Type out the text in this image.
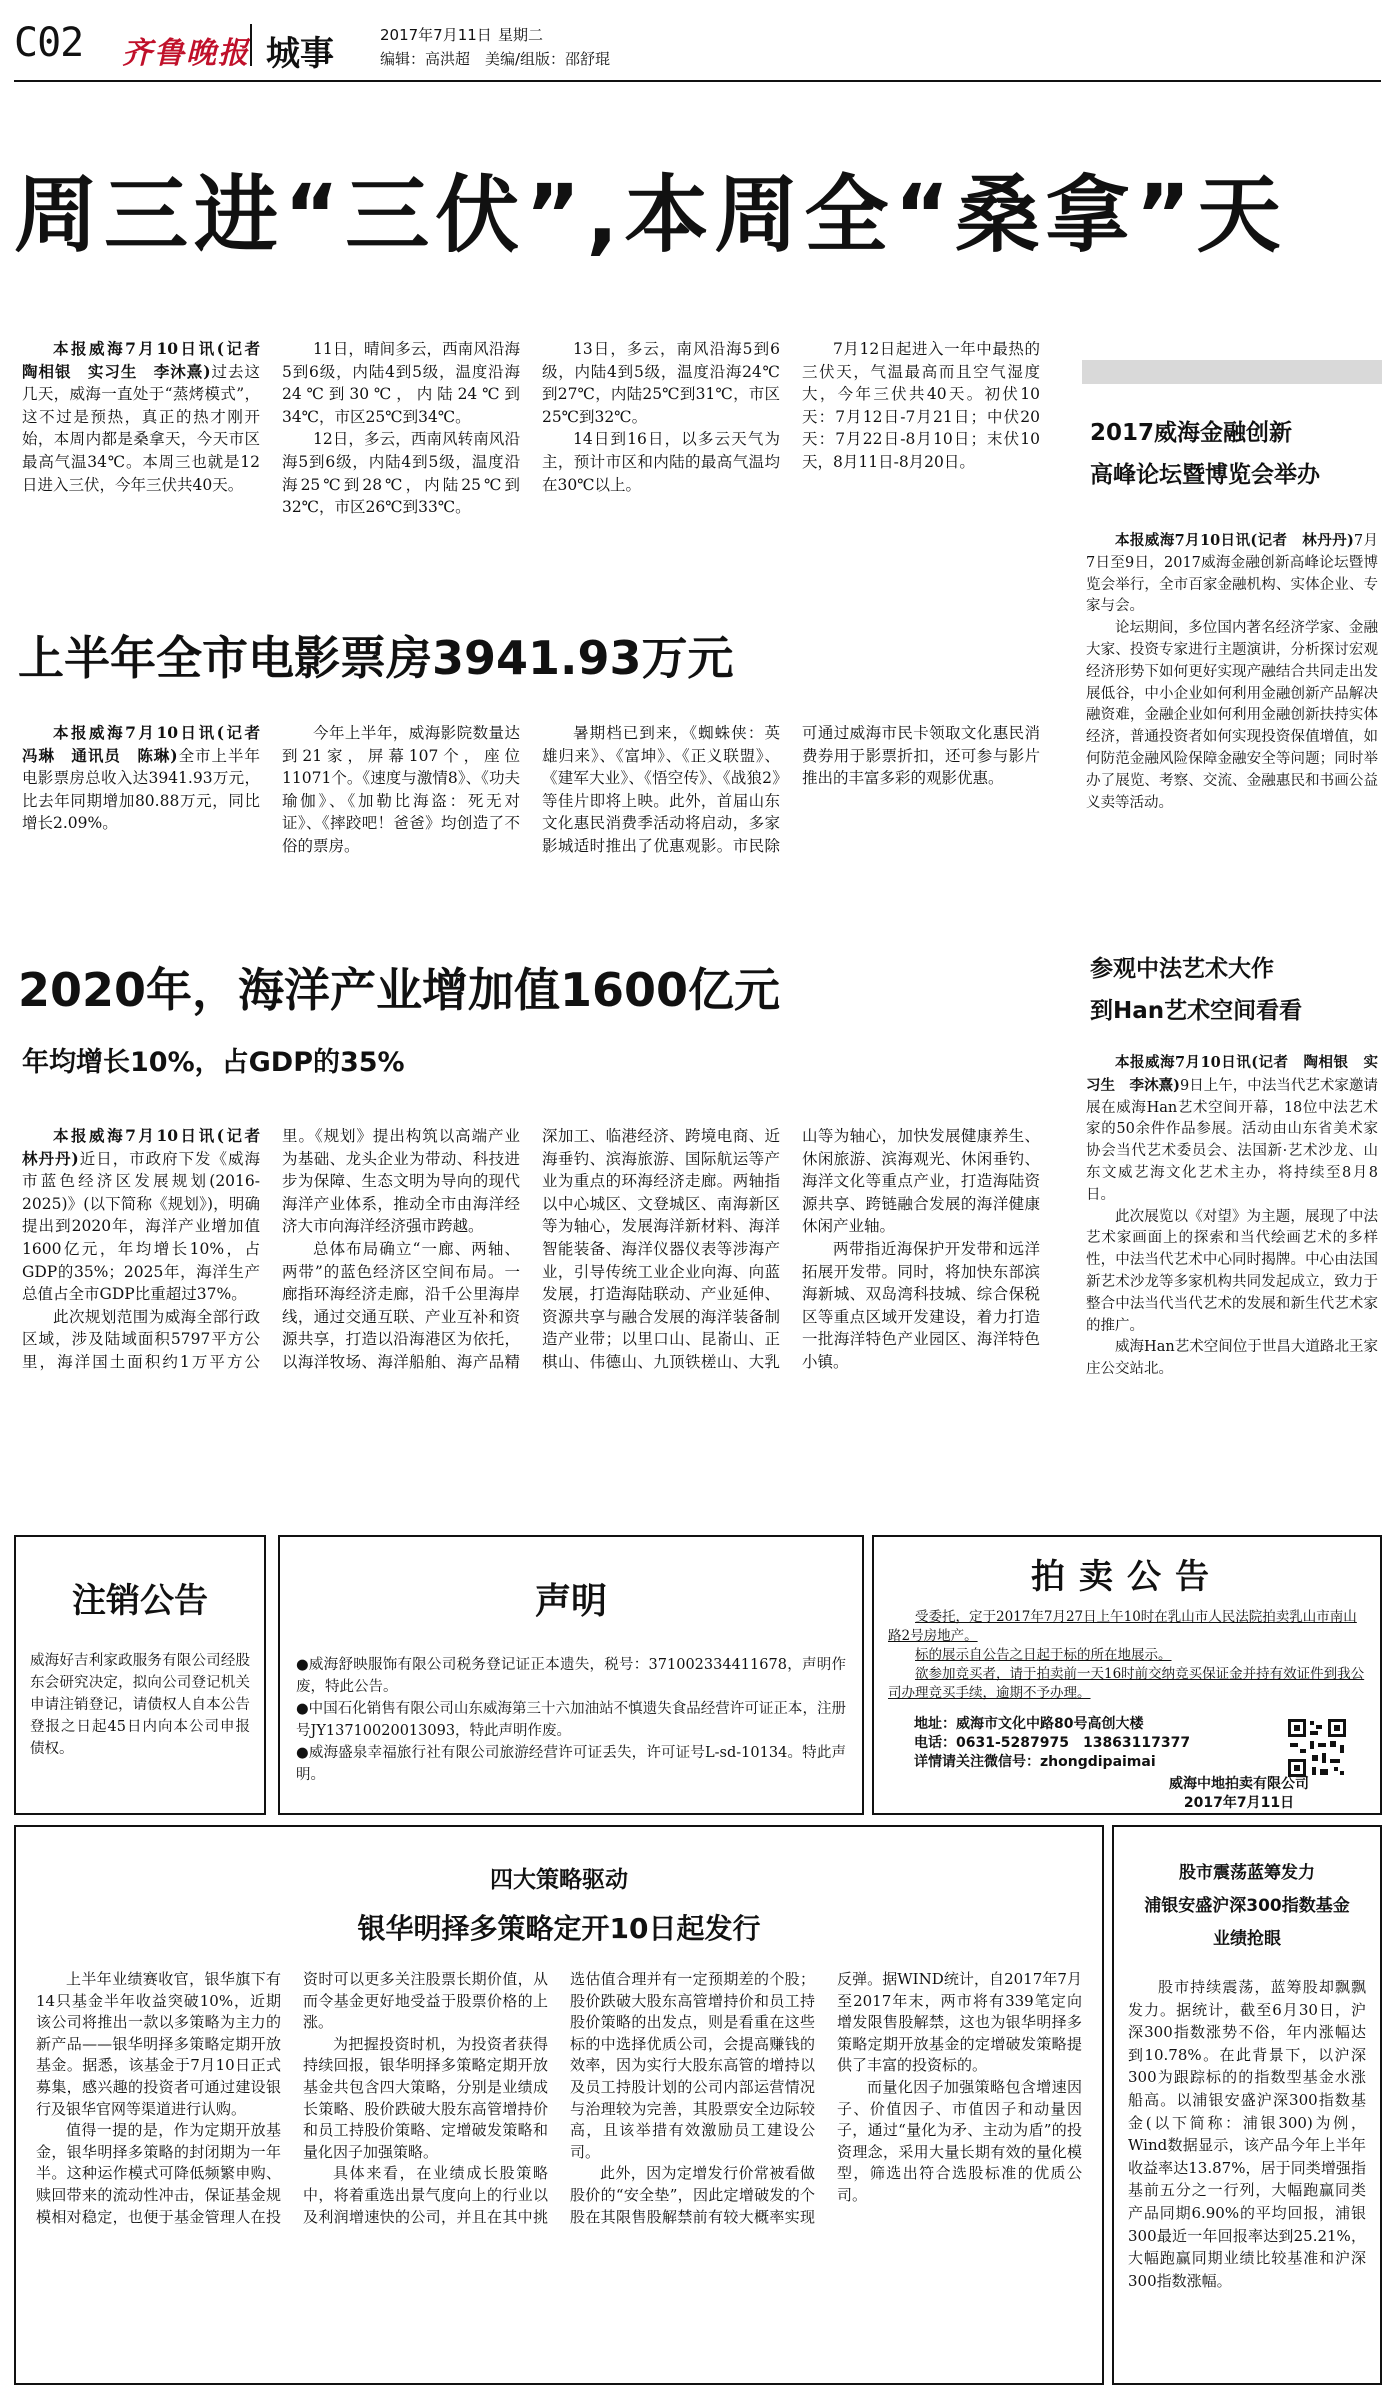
C02 齐鲁晚报 城事	2017年7月11日 星期二
编辑：高洪超　美编/组版：邵舒琨
周三进“三伏”,本周全“桑拿”天

本报威海7月10日讯(记者　陶相银　实习生　李沐熹)过去这几天，威海一直处于“蒸烤模式”，这不过是预热，真正的热才刚开始，本周内都是桑拿天，今天市区最高气温34℃。本周三也就是12日进入三伏，今年三伏共40天。

11日，晴间多云，西南风沿海5到6级，内陆4到5级，温度沿海24℃到30℃，内陆24℃到34℃，市区25℃到34℃。

12日，多云，西南风转南风沿海5到6级，内陆4到5级，温度沿海25℃到28℃，内陆25℃到32℃，市区26℃到33℃。

13日，多云，南风沿海5到6级，内陆4到5级，温度沿海24℃到27℃，内陆25℃到31℃，市区25℃到32℃。

14日到16日，以多云天气为主，预计市区和内陆的最高气温均在30℃以上。

7月12日起进入一年中最热的三伏天，气温最高而且空气湿度大，今年三伏共40天。初伏10天：7月12日-7月21日；中伏20天：7月22日-8月10日；末伏10天，8月11日-8月20日。

上半年全市电影票房3941.93万元

本报威海7月10日讯(记者　冯琳　通讯员　陈琳)全市上半年电影票房总收入达3941.93万元，比去年同期增加80.88万元，同比增长2.09%。

今年上半年，威海影院数量达到21家，屏幕107个，座位11071个。《速度与激情8》、《功夫瑜伽》、《加勒比海盗：死无对证》、《摔跤吧！爸爸》均创造了不俗的票房。

暑期档已到来，《蜘蛛侠：英雄归来》、《富坤》、《正义联盟》、《建军大业》、《悟空传》、《战狼2》等佳片即将上映。此外，首届山东文化惠民消费季活动将启动，多家影城适时推出了优惠观影。市民除可通过威海市民卡领取文化惠民消费券用于影票折扣，还可参与影片推出的丰富多彩的观影优惠。

2020年，海洋产业增加值1600亿元
年均增长10%，占GDP的35%

本报威海7月10日讯(记者　林丹丹)近日，市政府下发《威海市蓝色经济区发展规划(2016-2025)》(以下简称《规划》)，明确提出到2020年，海洋产业增加值1600亿元，年均增长10%，占GDP的35%；2025年，海洋生产总值占全市GDP比重超过37%。

此次规划范围为威海全部行政区域，涉及陆域面积5797平方公里，海洋国土面积约1万平方公里。《规划》提出构筑以高端产业为基础、龙头企业为带动、科技进步为保障、生态文明为导向的现代海洋产业体系，推动全市由海洋经济大市向海洋经济强市跨越。

总体布局确立“一廊、两轴、两带”的蓝色经济区空间布局。一廊指环海经济走廊，沿千公里海岸线，通过交通互联、产业互补和资源共享，打造以沿海港区为依托，以海洋牧场、海洋船舶、海产品精深加工、临港经济、跨境电商、近海垂钓、滨海旅游、国际航运等产业为重点的环海经济走廊。两轴指以中心城区、文登城区、南海新区等为轴心，发展海洋新材料、海洋智能装备、海洋仪器仪表等涉海产业，引导传统工业企业向海、向蓝发展，打造海陆联动、产业延伸、资源共享与融合发展的海洋装备制造产业带；以里口山、昆嵛山、正棋山、伟德山、九顶铁槎山、大乳山等为轴心，加快发展健康养生、休闲旅游、滨海观光、休闲垂钓、海洋文化等重点产业，打造海陆资源共享、跨链融合发展的海洋健康休闲产业轴。

两带指近海保护开发带和远洋拓展开发带。同时，将加快东部滨海新城、双岛湾科技城、综合保税区等重点区域开发建设，着力打造一批海洋特色产业园区、海洋特色小镇。

2017威海金融创新
高峰论坛暨博览会举办

本报威海7月10日讯(记者　林丹丹)7月7日至9日，2017威海金融创新高峰论坛暨博览会举行，全市百家金融机构、实体企业、专家与会。

论坛期间，多位国内著名经济学家、金融大家、投资专家进行主题演讲，分析探讨宏观经济形势下如何更好实现产融结合共同走出发展低谷，中小企业如何利用金融创新产品解决融资难，金融企业如何利用金融创新扶持实体经济，普通投资者如何实现投资保值增值，如何防范金融风险保障金融安全等问题；同时举办了展览、考察、交流、金融惠民和书画公益义卖等活动。

参观中法艺术大作
到Han艺术空间看看

本报威海7月10日讯(记者　陶相银　实习生　李沐熹)9日上午，中法当代艺术家邀请展在威海Han艺术空间开幕，18位中法艺术家的50余件作品参展。活动由山东省美术家协会当代艺术委员会、法国新·艺术沙龙、山东文威艺海文化艺术主办，将持续至8月8日。

此次展览以《对望》为主题，展现了中法艺术家画面上的探索和当代绘画艺术的多样性，中法当代艺术中心同时揭牌。中心由法国新艺术沙龙等多家机构共同发起成立，致力于整合中法当代当代艺术的发展和新生代艺术家的推广。

威海Han艺术空间位于世昌大道路北王家庄公交站北。

注销公告
威海好吉利家政服务有限公司经股东会研究决定，拟向公司登记机关申请注销登记，请债权人自本公告登报之日起45日内向本公司申报债权。
声明
●威海舒映服饰有限公司税务登记证正本遗失，税号：371002334411678，声明作废，特此公告。
●中国石化销售有限公司山东威海第三十六加油站不慎遗失食品经营许可证正本，注册号JY13710020013093，特此声明作废。
●威海盛泉幸福旅行社有限公司旅游经营许可证丢失，许可证号L-sd-10134。特此声明。
拍卖公告
受委托，定于2017年7月27日上午10时在乳山市人民法院拍卖乳山市南山路2号房地产。
标的展示自公告之日起于标的所在地展示。
欲参加竞买者，请于拍卖前一天16时前交纳竞买保证金并持有效证件到我公司办理竞买手续，逾期不予办理。
地址：威海市文化中路80号高创大楼
电话：0631-5287975　13863117377
详情请关注微信号：zhongdipaimai
威海中地拍卖有限公司
2017年7月11日
四大策略驱动
银华明择多策略定开10日起发行

上半年业绩赛收官，银华旗下有14只基金半年收益突破10%，近期该公司将推出一款以多策略为主力的新产品——银华明择多策略定期开放基金。据悉，该基金于7月10日正式募集，感兴趣的投资者可通过建设银行及银华官网等渠道进行认购。

值得一提的是，作为定期开放基金，银华明择多策略的封闭期为一年半。这种运作模式可降低频繁申购、赎回带来的流动性冲击，保证基金规模相对稳定，也便于基金管理人在投资时可以更多关注股票长期价值，从而令基金更好地受益于股票价格的上涨。

为把握投资时机，为投资者获得持续回报，银华明择多策略定期开放基金共包含四大策略，分别是业绩成长策略、股价跌破大股东高管增持价和员工持股价策略、定增破发策略和量化因子加强策略。

具体来看，在业绩成长股策略中，将着重选出景气度向上的行业以及利润增速快的公司，并且在其中挑选估值合理并有一定预期差的个股；股价跌破大股东高管增持价和员工持股价策略的出发点，则是看重在这些标的中选择优质公司，会提高赚钱的效率，因为实行大股东高管的增持以及员工持股计划的公司内部运营情况与治理较为完善，其股票安全边际较高，且该举措有效激励员工建设公司。

此外，因为定增发行价常被看做股价的“安全垫”，因此定增破发的个股在其限售股解禁前有较大概率实现反弹。据WIND统计，自2017年7月至2017年末，两市将有339笔定向增发限售股解禁，这也为银华明择多策略定期开放基金的定增破发策略提供了丰富的投资标的。

而量化因子加强策略包含增速因子、价值因子、市值因子和动量因子，通过“量化为矛、主动为盾”的投资理念，采用大量长期有效的量化模型，筛选出符合选股标准的优质公司。

股市震荡蓝筹发力
浦银安盛沪深300指数基金
业绩抢眼

股市持续震荡，蓝筹股却飘飘发力。据统计，截至6月30日，沪深300指数涨势不俗，年内涨幅达到10.78%。在此背景下，以沪深300为跟踪标的的指数型基金水涨船高。以浦银安盛沪深300指数基金(以下简称：浦银300)为例，Wind数据显示，该产品今年上半年收益率达13.87%，居于同类增强指基前五分之一行列，大幅跑赢同类产品同期6.90%的平均回报，浦银300最近一年回报率达到25.21%，大幅跑赢同期业绩比较基准和沪深300指数涨幅。
